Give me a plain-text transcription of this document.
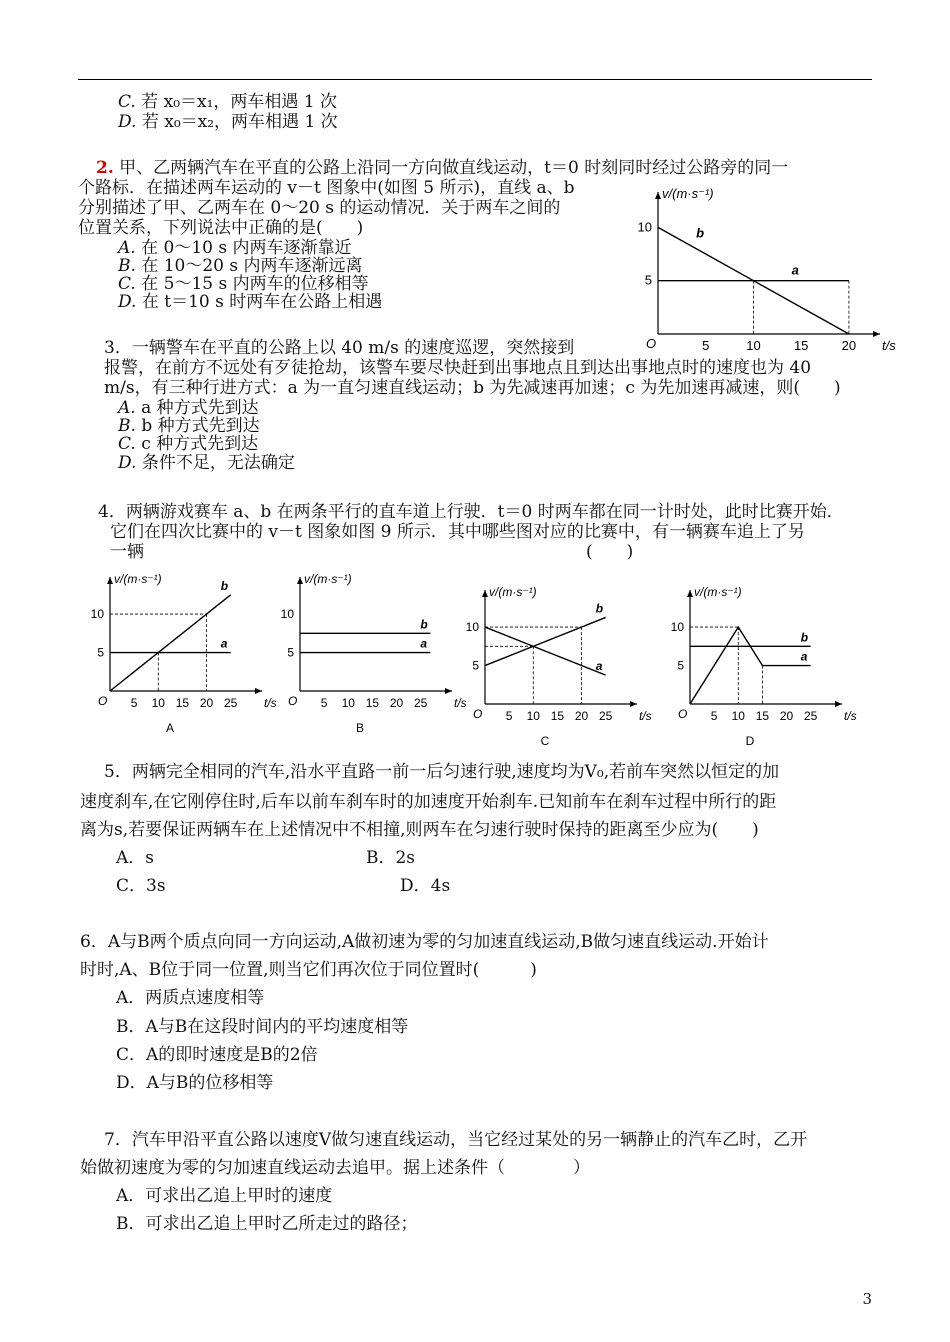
C. 若 x₀＝x₁，两车相遇 1 次
D. 若 x₀＝x₂，两车相遇 1 次
2. 甲、乙两辆汽车在平直的公路上沿同一方向做直线运动，t＝0 时刻同时经过公路旁的同一
个路标．在描述两车运动的 v－t 图象中(如图 5 所示)，直线 a、b
分别描述了甲、乙两车在 0～20 s 的运动情况．关于两车之间的
位置关系，下列说法中正确的是(　　)
A. 在 0～10 s 内两车逐渐靠近
B. 在 10～20 s 内两车逐渐远离
C. 在 5～15 s 内两车的位移相等
D. 在 t＝10 s 时两车在公路上相遇
v/(m·s⁻¹)
t/s
O	5	10	15	20
5
10
a
b
3．一辆警车在平直的公路上以 40 m/s 的速度巡逻，突然接到
报警，在前方不远处有歹徒抢劫，该警车要尽快赶到出事地点且到达出事地点时的速度也为 40
m/s，有三种行进方式：a 为一直匀速直线运动；b 为先减速再加速；c 为先加速再减速，则(　　)
A. a 种方式先到达
B. b 种方式先到达
C. c 种方式先到达
D. 条件不足，无法确定
4．两辆游戏赛车 a、b 在两条平行的直车道上行驶．t＝0 时两车都在同一计时处，此时比赛开始．
它们在四次比赛中的 v－t 图象如图 9 所示．其中哪些图对应的比赛中，有一辆赛车追上了另
一辆　　　　　　　　　　　　　　　　　　　　　　　　　　(　　)
v/(m·s⁻¹)
t/s
O 5 10 15 20 25
5
10
a
b
A
v/(m·s⁻¹)
t/s
O 5 10 15 20 25
5
10
a
b
B
v/(m·s⁻¹)
t/s
O 5 10 15 20 25
5
10
a
b
C
v/(m·s⁻¹)
t/s
O 5 10 15 20 25
5
10
a
b
D
5．两辆完全相同的汽车,沿水平直路一前一后匀速行驶,速度均为V₀,若前车突然以恒定的加
速度刹车,在它刚停住时,后车以前车刹车时的加速度开始刹车.已知前车在刹车过程中所行的距
离为s,若要保证两辆车在上述情况中不相撞,则两车在匀速行驶时保持的距离至少应为(　　)
A．s	B．2s
C．3s	D．4s
6．A与B两个质点向同一方向运动,A做初速为零的匀加速直线运动,B做匀速直线运动.开始计
时时,A、B位于同一位置,则当它们再次位于同位置时(　　　)
A．两质点速度相等
B．A与B在这段时间内的平均速度相等
C．A的即时速度是B的2倍
D．A与B的位移相等
7．汽车甲沿平直公路以速度V做匀速直线运动，当它经过某处的另一辆静止的汽车乙时，乙开
始做初速度为零的匀加速直线运动去追甲。据上述条件（　　　　）
A．可求出乙追上甲时的速度
B．可求出乙追上甲时乙所走过的路径；
3
